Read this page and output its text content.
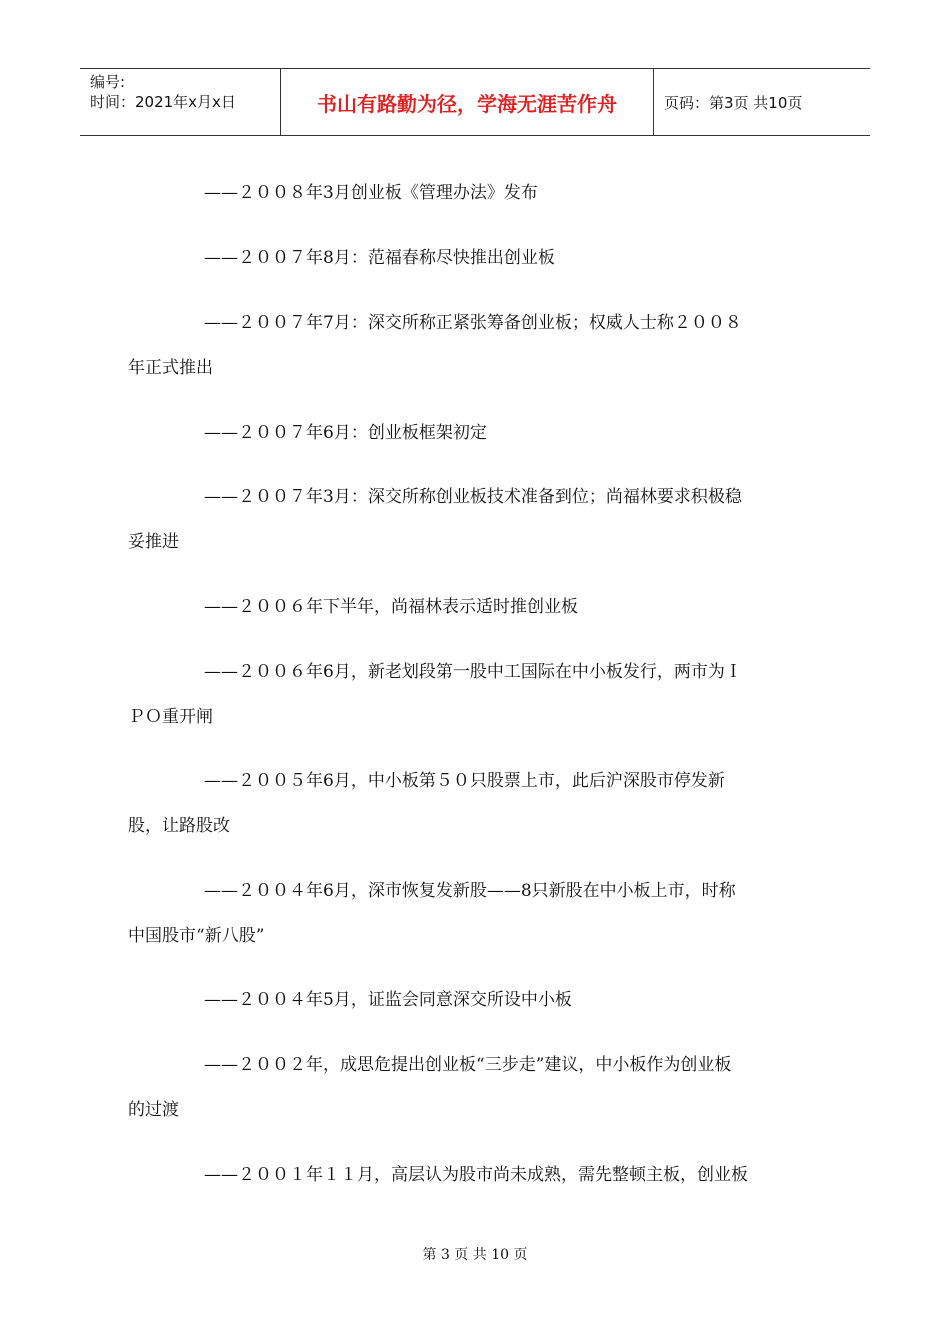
编号:
时间：2021年x月x日	书山有路勤为径，学海无涯苦作舟	页码：第3页 共10页
——２００８年3月创业板《管理办法》发布
——２００７年8月：范福春称尽快推出创业板
——２００７年7月：深交所称正紧张筹备创业板；权威人士称２００８
年正式推出
——２００７年6月：创业板框架初定
——２００７年3月：深交所称创业板技术准备到位；尚福林要求积极稳
妥推进
——２００６年下半年，尚福林表示适时推创业板
——２００６年6月，新老划段第一股中工国际在中小板发行，两市为Ｉ
ＰＯ重开闸
——２００５年6月，中小板第５０只股票上市，此后沪深股市停发新
股，让路股改
——２００４年6月，深市恢复发新股——8只新股在中小板上市，时称
中国股市“新八股”
——２００４年5月，证监会同意深交所设中小板
——２００２年，成思危提出创业板“三步走”建议，中小板作为创业板
的过渡
——２００１年１１月，高层认为股市尚未成熟，需先整顿主板，创业板
第 3 页 共 10 页
